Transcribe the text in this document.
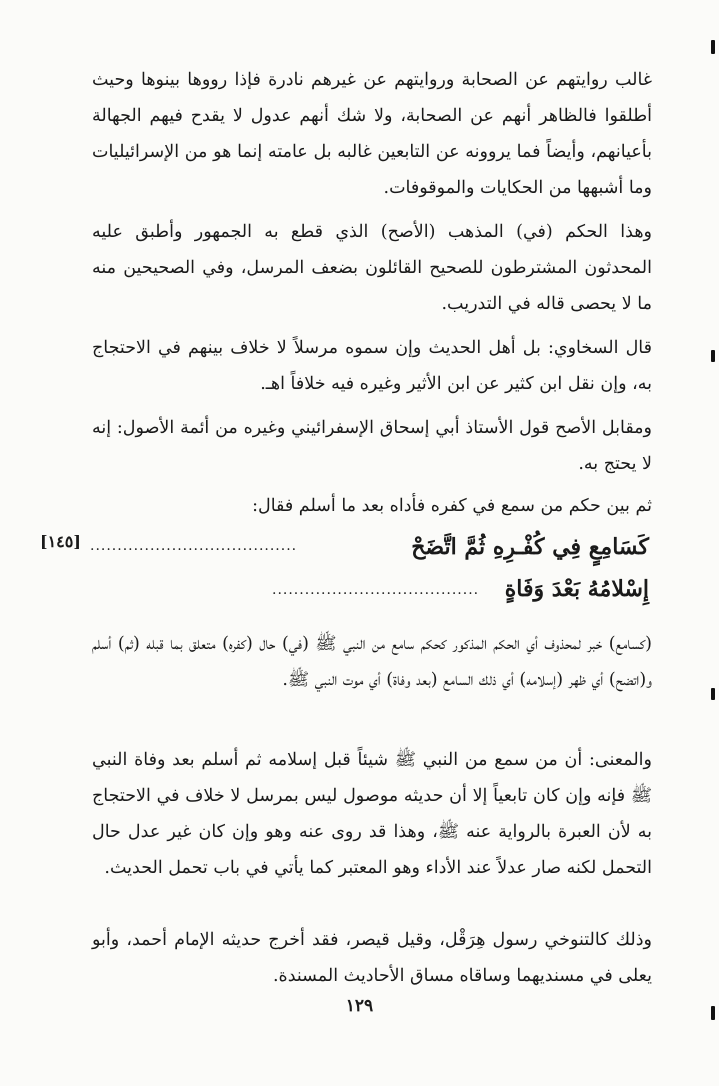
غالب روايتهم عن الصحابة وروايتهم عن غيرهم نادرة فإذا رووها بينوها وحيث أطلقوا فالظاهر أنهم عن الصحابة، ولا شك أنهم عدول لا يقدح فيهم الجهالة بأعيانهم، وأيضاً فما يروونه عن التابعين غالبه بل عامته إنما هو من الإسرائيليات وما أشبهها من الحكايات والموقوفات.
وهذا الحكم (في) المذهب (الأصح) الذي قطع به الجمهور وأطبق عليه المحدثون المشترطون للصحيح القائلون بضعف المرسل، وفي الصحيحين منه ما لا يحصى قاله في التدريب.
قال السخاوي: بل أهل الحديث وإن سموه مرسلاً لا خلاف بينهم في الاحتجاج به، وإن نقل ابن كثير عن ابن الأثير وغيره فيه خلافاً اهـ.
ومقابل الأصح قول الأستاذ أبي إسحاق الإسفرائيني وغيره من أئمة الأصول: إنه لا يحتج به.
ثم بين حكم من سمع في كفره فأداه بعد ما أسلم فقال:
كَسَامِعٍ فِي كُفْـرِهِ ثُمَّ اتَّضَحْ
......................................
[١٤٥]
إِسْلامُهُ بَعْدَ وَفَاةٍ
......................................
(كسامع) خبر لمحذوف أي الحكم المذكور كحكم سامع من النبي ﷺ (في) حال (كفره) متعلق بما قبله (ثم) أسلم و(اتضح) أي ظهر (إسلامه) أي ذلك السامع (بعد وفاة) أي موت النبي ﷺ.
والمعنى: أن من سمع من النبي ﷺ شيئاً قبل إسلامه ثم أسلم بعد وفاة النبي ﷺ فإنه وإن كان تابعياً إلا أن حديثه موصول ليس بمرسل لا خلاف في الاحتجاج به لأن العبرة بالرواية عنه ﷺ، وهذا قد روى عنه وهو وإن كان غير عدل حال التحمل لكنه صار عدلاً عند الأداء وهو المعتبر كما يأتي في باب تحمل الحديث.
وذلك كالتنوخي رسول هِرَقْل، وقيل قيصر، فقد أخرج حديثه الإمام أحمد، وأبو يعلى في مسنديهما وساقاه مساق الأحاديث المسندة.
١٢٩
